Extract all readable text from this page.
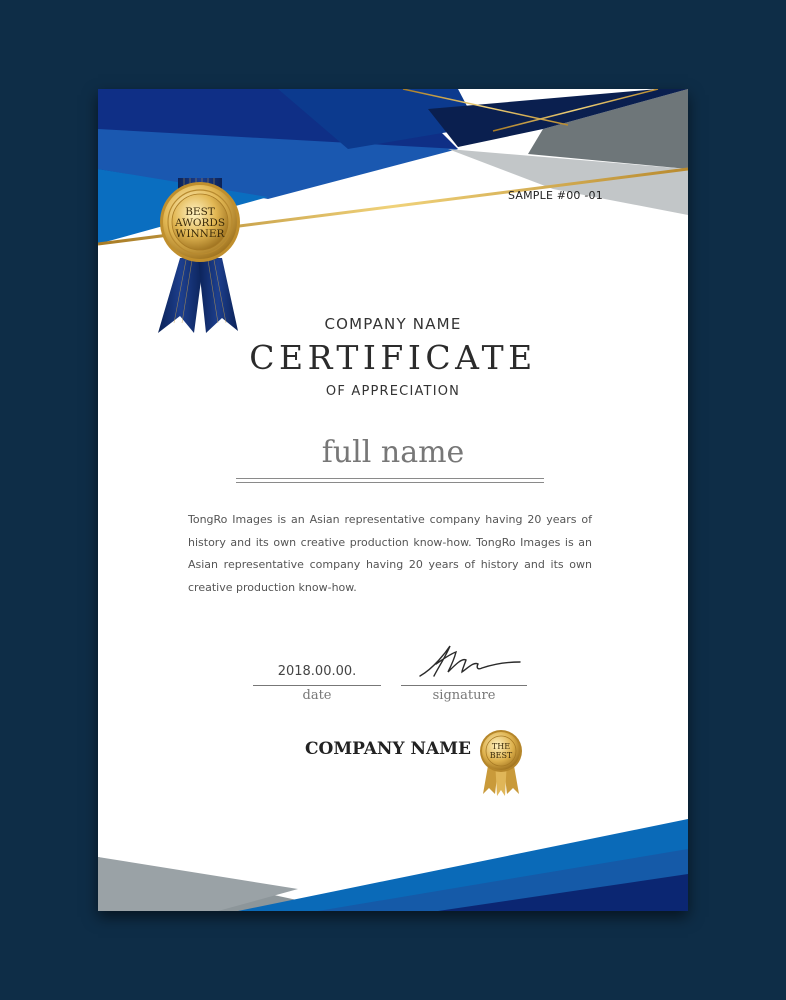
BEST
AWORDS
WINNER
SAMPLE #00 -01
COMPANY NAME
CERTIFICATE
OF APPRECIATION
full name
TongRo Images is an Asian representative company having 20 years of history and its own creative production know-how. TongRo Images is an Asian representative company having 20 years of history and its own creative production know-how.
2018.00.00.
date	signature
COMPANY NAME	THE
BEST
